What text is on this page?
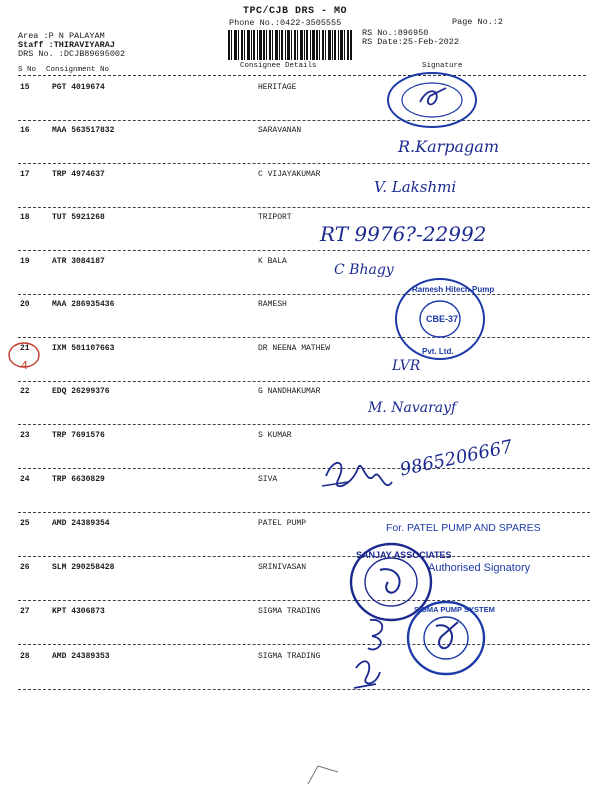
TPC/CJB DRS - MO
Phone No.:0422-3505555	Page No.:2
RS No.:896950
RS Date:25-Feb-2022
Area :P N PALAYAM
Staff :THIRAVIYARAJ
DRS No. :DCJB89695002
S No Consignment No	Consignee Details	Signature
15	PGT 4019674	HERITAGE
16	MAA 563517832	SARAVANAN
17	TRP 4974637	C VIJAYAKUMAR
18	TUT 5921268	TRIPORT
19	ATR 3084187	K BALA
20	MAA 286935436	RAMESH
21	IXM 501107663	DR NEENA MATHEW
22	EDQ 26299376	G NANDHAKUMAR
23	TRP 7691576	S KUMAR
24	TRP 6630829	SIVA
25	AMD 24389354	PATEL PUMP
26	SLM 290258428	SRINIVASAN
27	KPT 4306873	SIGMA TRADING
28	AMD 24389353	SIGMA TRADING
4
R.Karpagam
V. Lakshmi
RT 9976?-22992
C Bhagy
LVR
M. Navarayf
9865206667
Ramesh Hitech Pump
Pvt. Ltd.
CBE-37
For. PATEL PUMP AND SPARES
Authorised Signatory
SANJAY ASSOCIATES
SIGMA PUMP SYSTEM
